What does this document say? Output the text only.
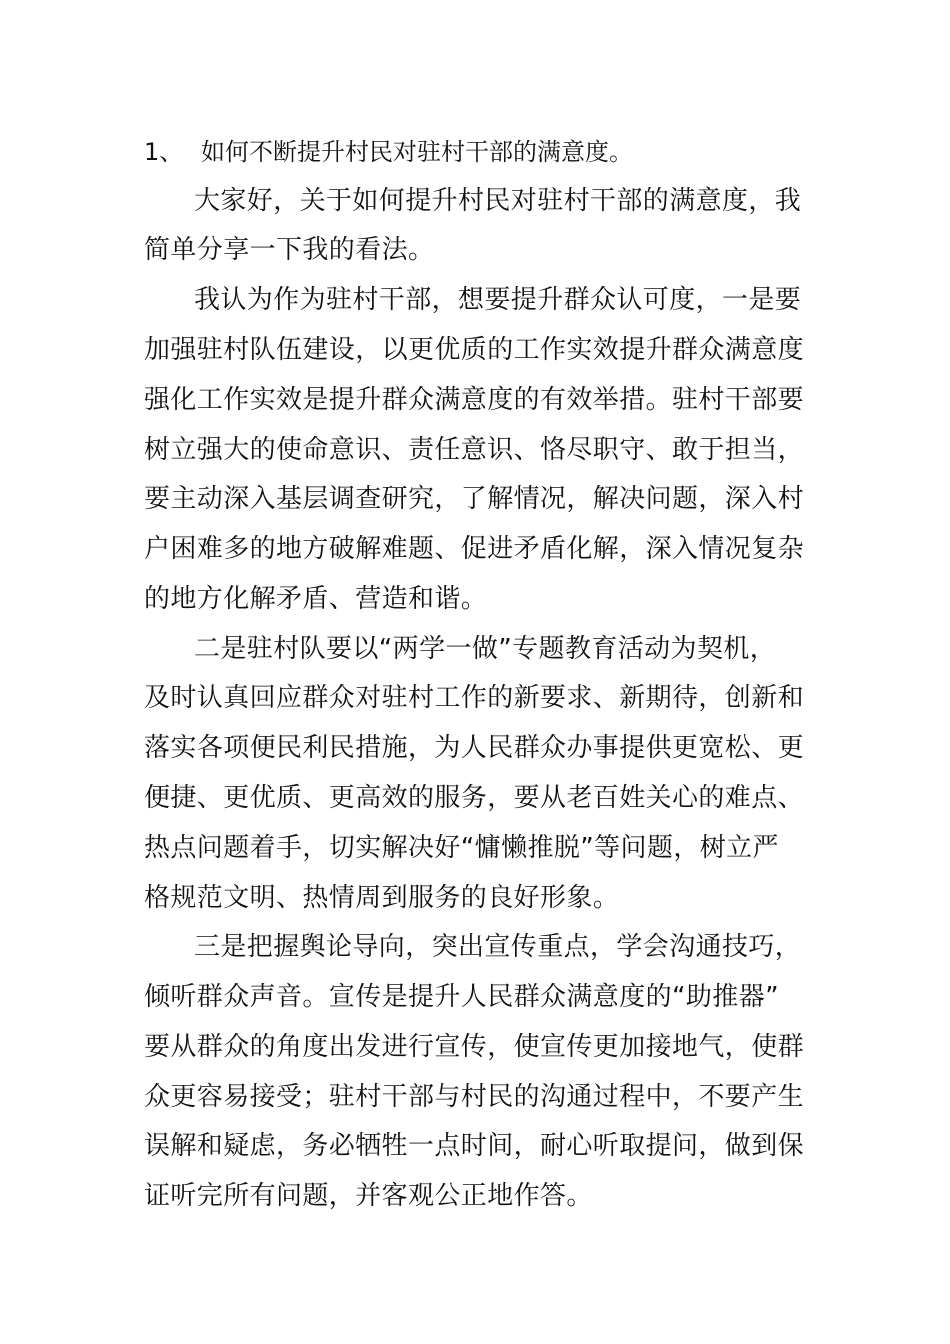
1、 如何不断提升村民对驻村干部的满意度。
大家好，关于如何提升村民对驻村干部的满意度，我
简单分享一下我的看法。
我认为作为驻村干部，想要提升群众认可度，一是要
加强驻村队伍建设，以更优质的工作实效提升群众满意度
强化工作实效是提升群众满意度的有效举措。驻村干部要
树立强大的使命意识、责任意识、恪尽职守、敢于担当，
要主动深入基层调查研究，了解情况，解决问题，深入村
户困难多的地方破解难题、促进矛盾化解，深入情况复杂
的地方化解矛盾、营造和谐。
二是驻村队要以“两学一做”专题教育活动为契机，
及时认真回应群众对驻村工作的新要求、新期待，创新和
落实各项便民利民措施，为人民群众办事提供更宽松、更
便捷、更优质、更高效的服务，要从老百姓关心的难点、
热点问题着手，切实解决好“慵懒推脱”等问题，树立严
格规范文明、热情周到服务的良好形象。
三是把握舆论导向，突出宣传重点，学会沟通技巧，
倾听群众声音。宣传是提升人民群众满意度的“助推器”
要从群众的角度出发进行宣传，使宣传更加接地气，使群
众更容易接受；驻村干部与村民的沟通过程中，不要产生
误解和疑虑，务必牺牲一点时间，耐心听取提问，做到保
证听完所有问题，并客观公正地作答。
